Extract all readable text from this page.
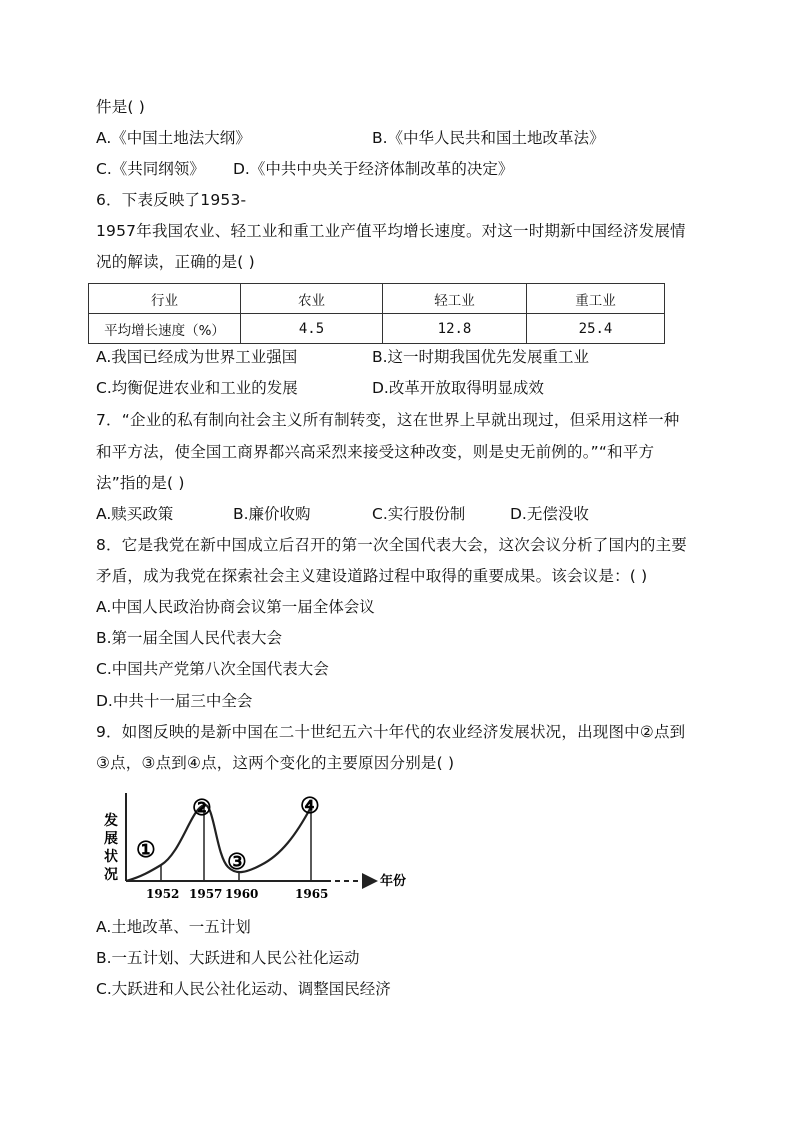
件是( )
A.《中国土地法大纲》	B.《中华人民共和国土地改革法》
C.《共同纲领》 D.《中共中央关于经济体制改革的决定》
6．下表反映了1953-
1957年我国农业、轻工业和重工业产值平均增长速度。对这一时期新中国经济发展情
况的解读，正确的是( )
行业	农业	轻工业	重工业
平均增长速度（%）	4.5	12.8	25.4
A.我国已经成为世界工业强国	B.这一时期我国优先发展重工业
C.均衡促进农业和工业的发展	D.改革开放取得明显成效
7．“企业的私有制向社会主义所有制转变，这在世界上早就出现过，但采用这样一种
和平方法，使全国工商界都兴高采烈来接受这种改变，则是史无前例的。”“和平方
法”指的是( )
A.赎买政策	B.廉价收购	C.实行股份制	D.无偿没收
8．它是我党在新中国成立后召开的第一次全国代表大会，这次会议分析了国内的主要
矛盾，成为我党在探索社会主义建设道路过程中取得的重要成果。该会议是：( )
A.中国人民政治协商会议第一届全体会议
B.第一届全国人民代表大会
C.中国共产党第八次全国代表大会
D.中共十一届三中全会
9．如图反映的是新中国在二十世纪五六十年代的农业经济发展状况，出现图中②点到
③点，③点到④点，这两个变化的主要原因分别是( )
发
展
状
况	年份
①
②
③
④
1952 1957 1960	1965
A.土地改革、一五计划
B.一五计划、大跃进和人民公社化运动
C.大跃进和人民公社化运动、调整国民经济
